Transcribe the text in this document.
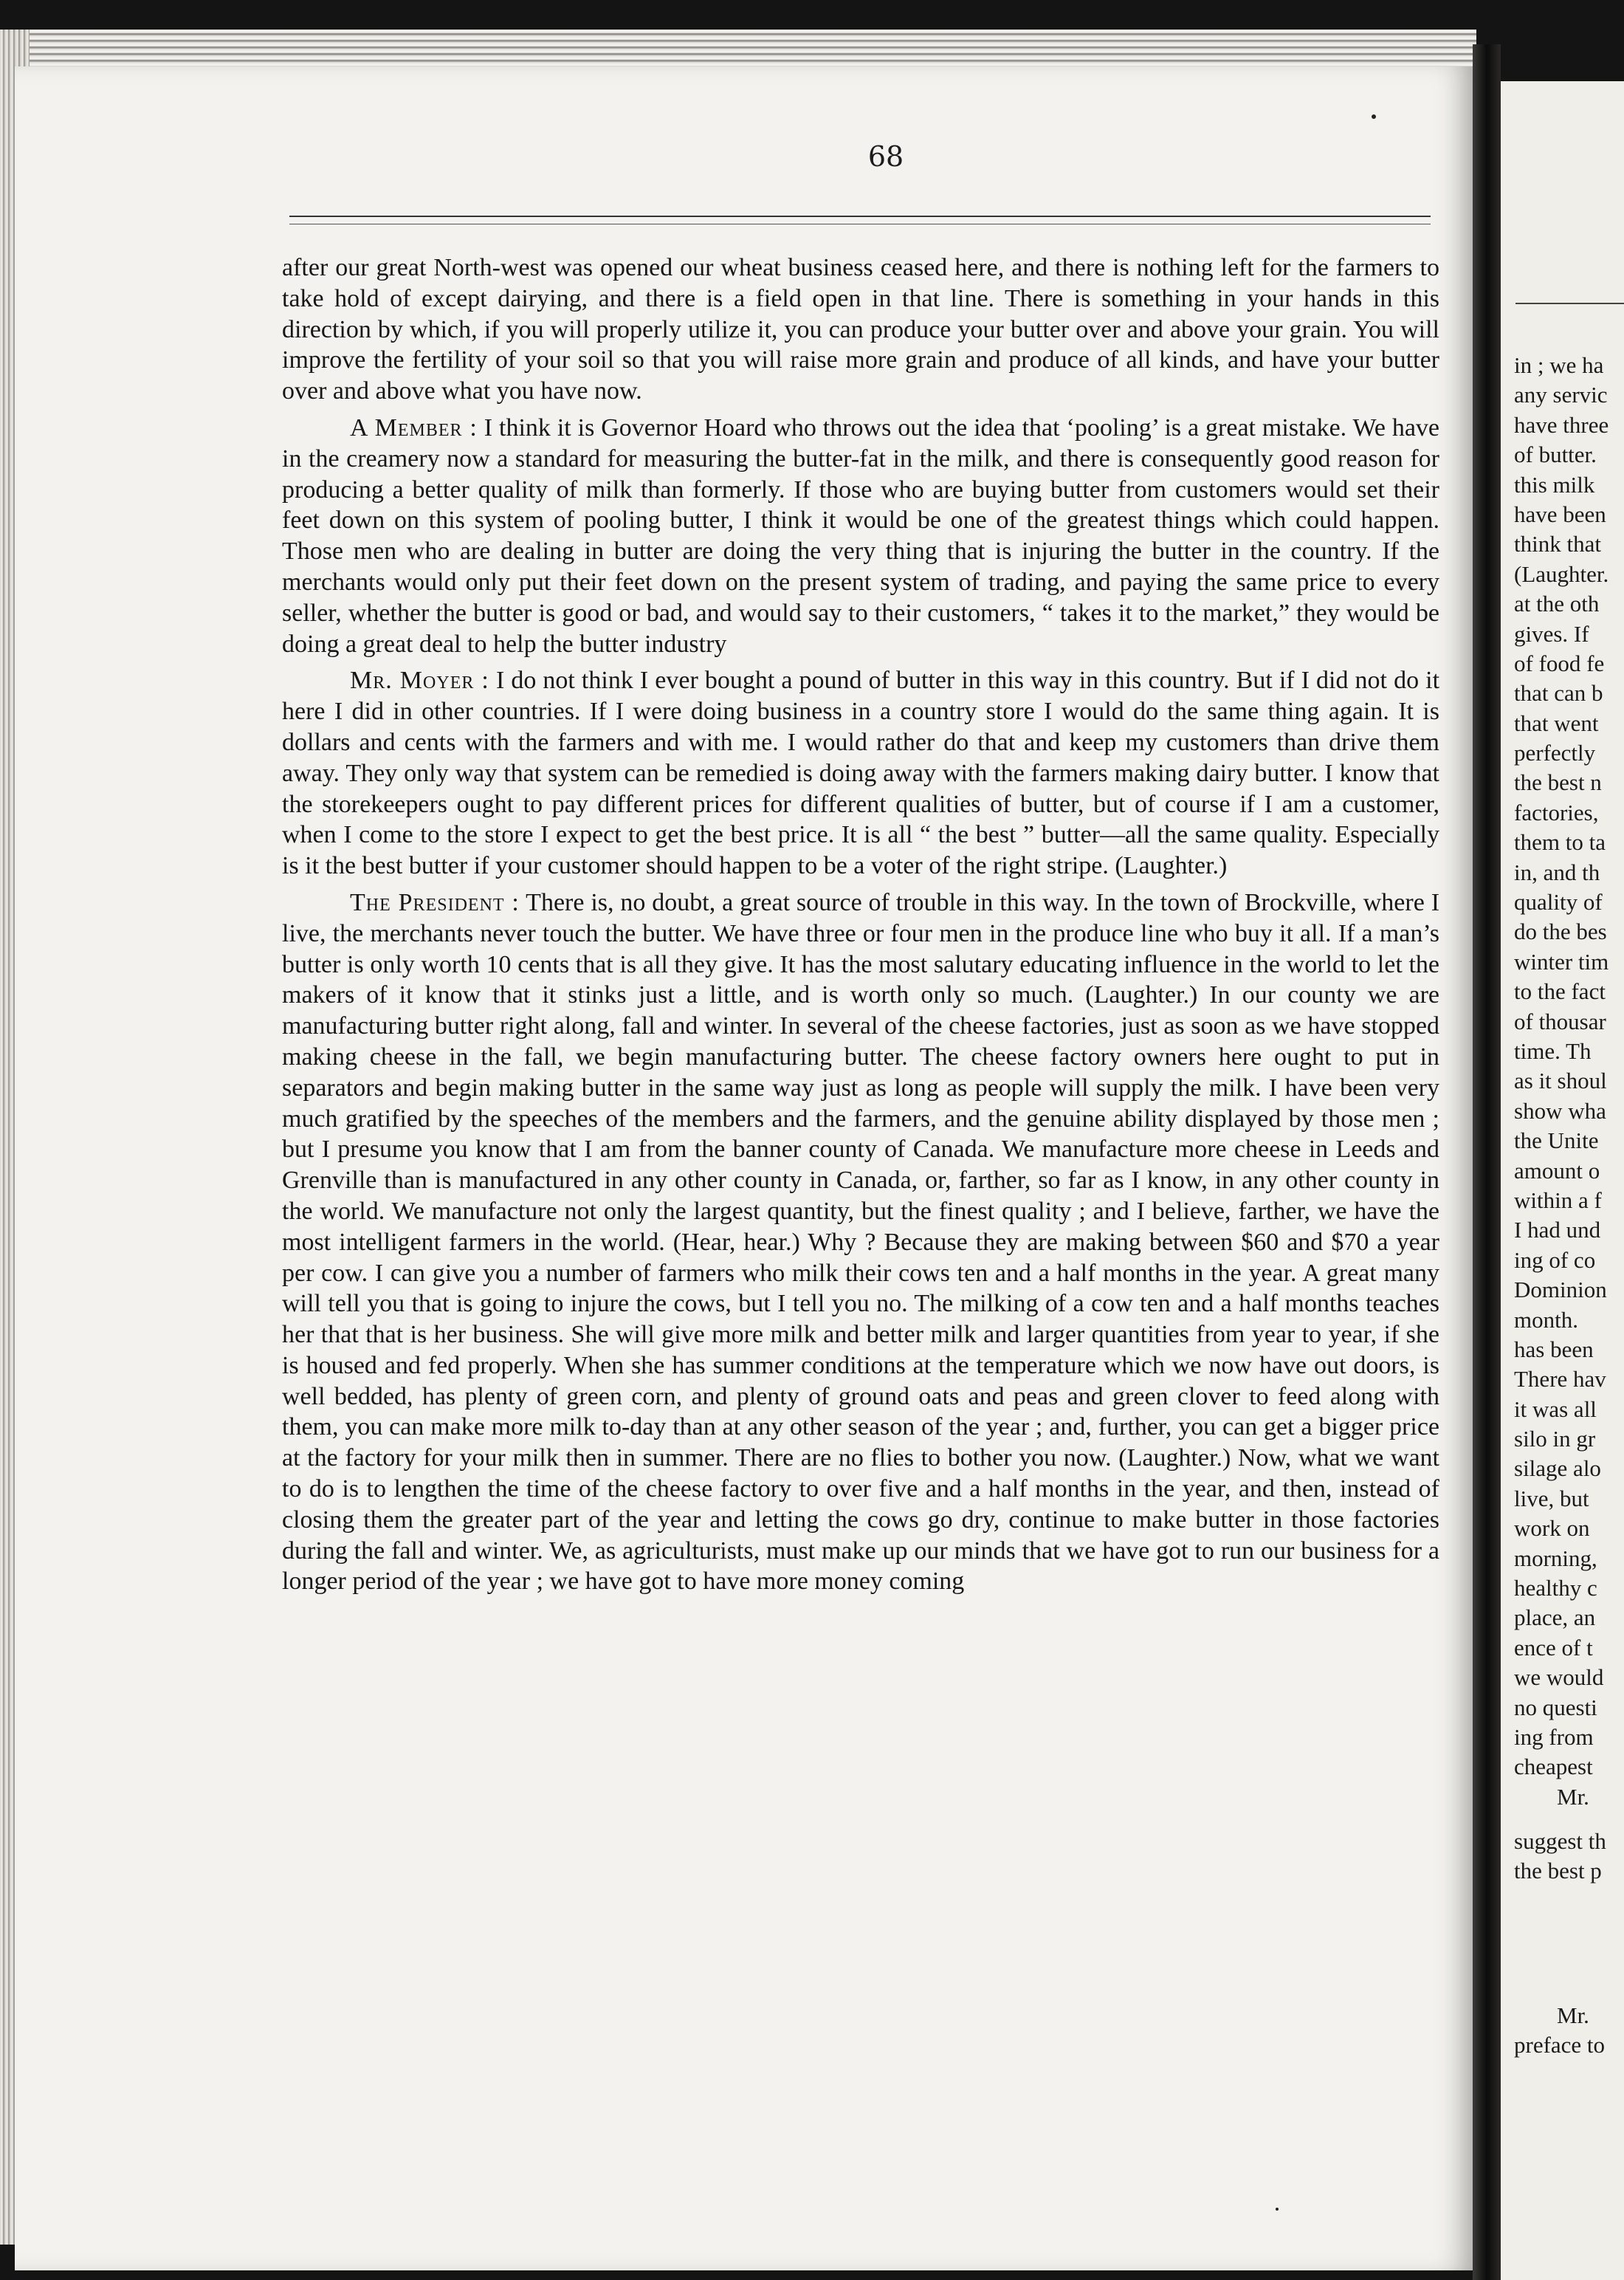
68

after our great North-west was opened our wheat business ceased here, and there is nothing left for the farmers to take hold of except dairying, and there is a field open in that line. There is something in your hands in this direction by which, if you will properly utilize it, you can produce your butter over and above your grain. You will improve the fertility of your soil so that you will raise more grain and produce of all kinds, and have your butter over and above what you have now.

A Member : I think it is Governor Hoard who throws out the idea that ‘pooling’ is a great mistake. We have in the creamery now a standard for measuring the butter-fat in the milk, and there is consequently good reason for producing a better quality of milk than formerly. If those who are buying butter from customers would set their feet down on this system of pooling butter, I think it would be one of the greatest things which could happen. Those men who are dealing in butter are doing the very thing that is injuring the butter in the country. If the merchants would only put their feet down on the present system of trading, and paying the same price to every seller, whether the butter is good or bad, and would say to their customers, “ takes it to the market,” they would be doing a great deal to help the butter industry

Mr. Moyer : I do not think I ever bought a pound of butter in this way in this country. But if I did not do it here I did in other countries. If I were doing business in a country store I would do the same thing again. It is dollars and cents with the farmers and with me. I would rather do that and keep my customers than drive them away. They only way that system can be remedied is doing away with the farmers making dairy butter. I know that the storekeepers ought to pay different prices for different qualities of butter, but of course if I am a customer, when I come to the store I expect to get the best price. It is all “ the best ” butter—all the same quality. Especially is it the best butter if your customer should happen to be a voter of the right stripe. (Laughter.)

The President : There is, no doubt, a great source of trouble in this way. In the town of Brockville, where I live, the merchants never touch the butter. We have three or four men in the produce line who buy it all. If a man’s butter is only worth 10 cents that is all they give. It has the most salutary educating influence in the world to let the makers of it know that it stinks just a little, and is worth only so much. (Laughter.) In our county we are manufacturing butter right along, fall and winter. In several of the cheese factories, just as soon as we have stopped making cheese in the fall, we begin manufacturing butter. The cheese factory owners here ought to put in separators and begin making butter in the same way just as long as people will supply the milk. I have been very much gratified by the speeches of the members and the farmers, and the genuine ability displayed by those men ; but I presume you know that I am from the banner county of Canada. We manufacture more cheese in Leeds and Grenville than is manufactured in any other county in Canada, or, farther, so far as I know, in any other county in the world. We manufacture not only the largest quantity, but the finest quality ; and I believe, farther, we have the most intelligent farmers in the world. (Hear, hear.) Why ? Because they are making between $60 and $70 a year per cow. I can give you a number of farmers who milk their cows ten and a half months in the year. A great many will tell you that is going to injure the cows, but I tell you no. The milking of a cow ten and a half months teaches her that that is her business. She will give more milk and better milk and larger quantities from year to year, if she is housed and fed properly. When she has summer conditions at the temperature which we now have out doors, is well bedded, has plenty of green corn, and plenty of ground oats and peas and green clover to feed along with them, you can make more milk to-day than at any other season of the year ; and, further, you can get a bigger price at the factory for your milk then in summer. There are no flies to bother you now. (Laughter.) Now, what we want to do is to lengthen the time of the cheese factory to over five and a half months in the year, and then, instead of closing them the greater part of the year and letting the cows go dry, continue to make butter in those factories during the fall and winter. We, as agriculturists, must make up our minds that we have got to run our business for a longer period of the year ; we have got to have more money coming

in ; we ha
any servic
have three
of butter.
this milk
have been
think that
(Laughter.
at the oth
gives. If
of food fe
that can b
that went
perfectly
the best n
factories,
them to ta
in, and th
quality of
do the bes
winter tim
to the fact
of thousar
time. Th
as it shoul
show wha
the Unite
amount o
within a f
I had und
ing of co
Dominion
month.
has been
There hav
it was all
silo in gr
silage alo
live, but
work on
morning,
healthy c
place, an
ence of t
we would
no questi
ing from
cheapest
Mr.
suggest th
the best p
Mr.
preface to
